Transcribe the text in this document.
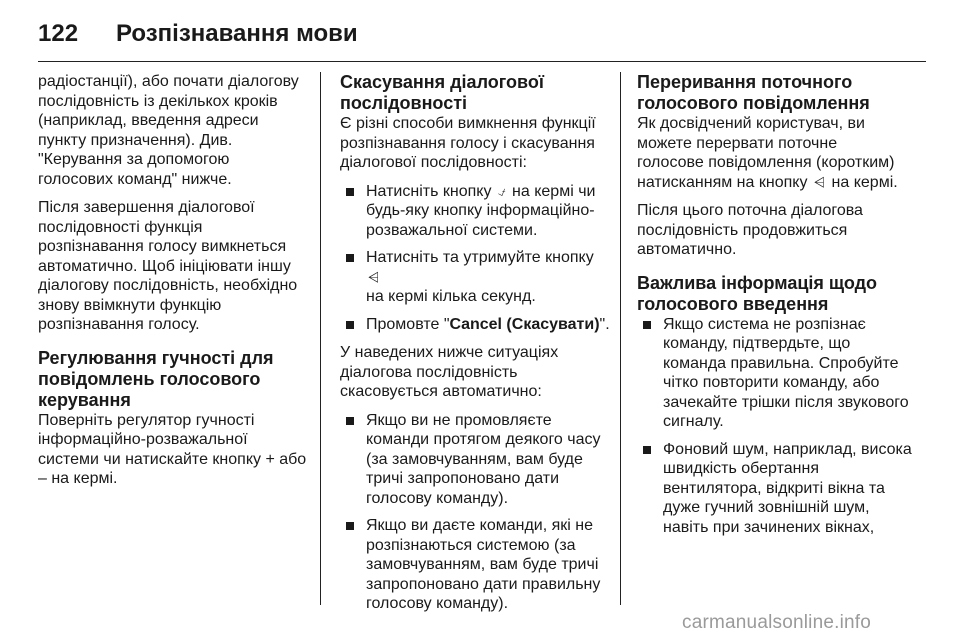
122	Розпізнавання мови

радіостанції), або почати діалогову
послідовність із декількох кроків
(наприклад, введення адреси
пункту призначення). Див.
"Керування за допомогою
голосових команд" нижче.

Після завершення діалогової
послідовності функція
розпізнавання голосу вимкнеться
автоматично. Щоб ініціювати іншу
діалогову послідовність, необхідно
знову ввімкнути функцію
розпізнавання голосу.

Регулювання гучності для
повідомлень голосового
керування

Поверніть регулятор гучності
інформаційно-розважальної
системи чи натискайте кнопку + або
– на кермі.

Скасування діалогової
послідовності

Є різні способи вимкнення функції
розпізнавання голосу і скасування
діалогової послідовності:

Натисніть кнопку ⍻ на кермі чи
будь-яку кнопку інформаційно-
розважальної системи.
Натисніть та утримуйте кнопку ⩤
на кермі кілька секунд.
Промовте "Cancel (Скасувати)".

У наведених нижче ситуаціях
діалогова послідовність
скасовується автоматично:

Якщо ви не промовляєте
команди протягом деякого часу
(за замовчуванням, вам буде
тричі запропоновано дати
голосову команду).
Якщо ви даєте команди, які не
розпізнаються системою (за
замовчуванням, вам буде тричі
запропоновано дати правильну
голосову команду).
Переривання поточного
голосового повідомлення

Як досвідчений користувач, ви
можете перервати поточне
голосове повідомлення (коротким)
натисканням на кнопку ⩤ на кермі.

Після цього поточна діалогова
послідовність продовжиться
автоматично.

Важлива інформація щодо
голосового введення
Якщо система не розпізнає
команду, підтвердьте, що
команда правильна. Спробуйте
чітко повторити команду, або
зачекайте трішки після звукового
сигналу.
Фоновий шум, наприклад, висока
швидкість обертання
вентилятора, відкриті вікна та
дуже гучний зовнішній шум,
навіть при зачинених вікнах,
carmanualsonline.info
